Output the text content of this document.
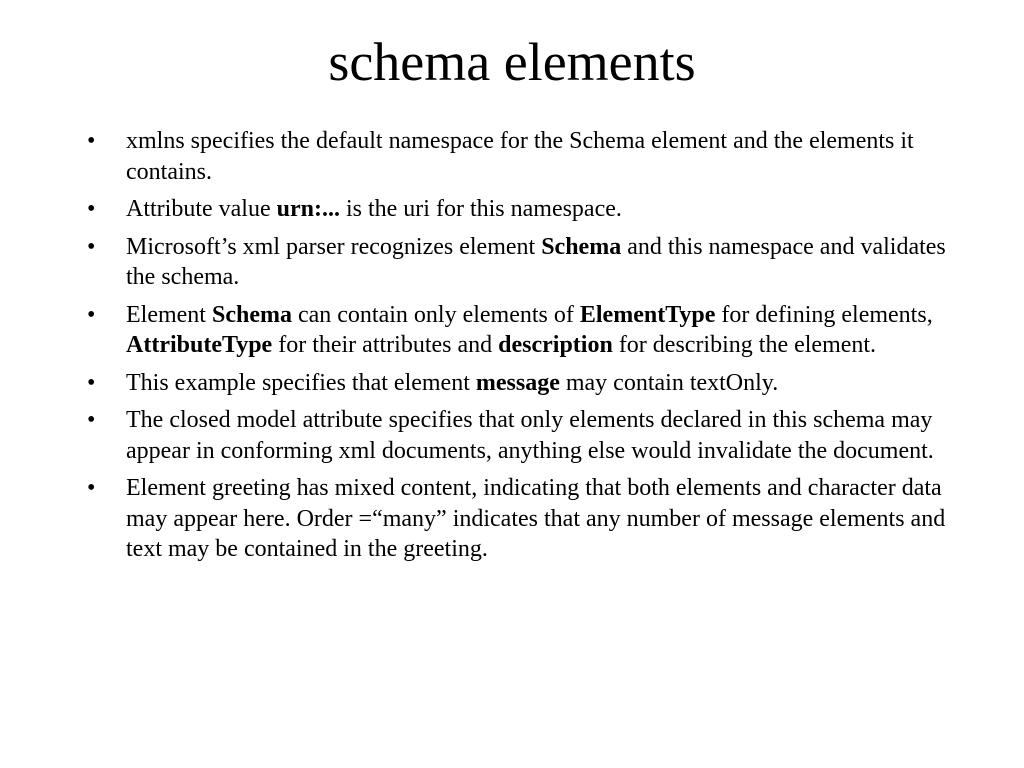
schema elements
• xmlns specifies the default namespace for the Schema element and the elements it contains.
• Attribute value urn:... is the uri for this namespace.
• Microsoft’s xml parser recognizes element Schema and this namespace and validates the schema.
• Element Schema can contain only elements of ElementType for defining elements, AttributeType for their attributes and description for describing the element.
• This example specifies that element message may contain textOnly.
• The closed model attribute specifies that only elements declared in this schema may appear in conforming xml documents, anything else would invalidate the document.
• Element greeting has mixed content, indicating that both elements and character data may appear here. Order =“many” indicates that any number of message elements and text may be contained in the greeting.
